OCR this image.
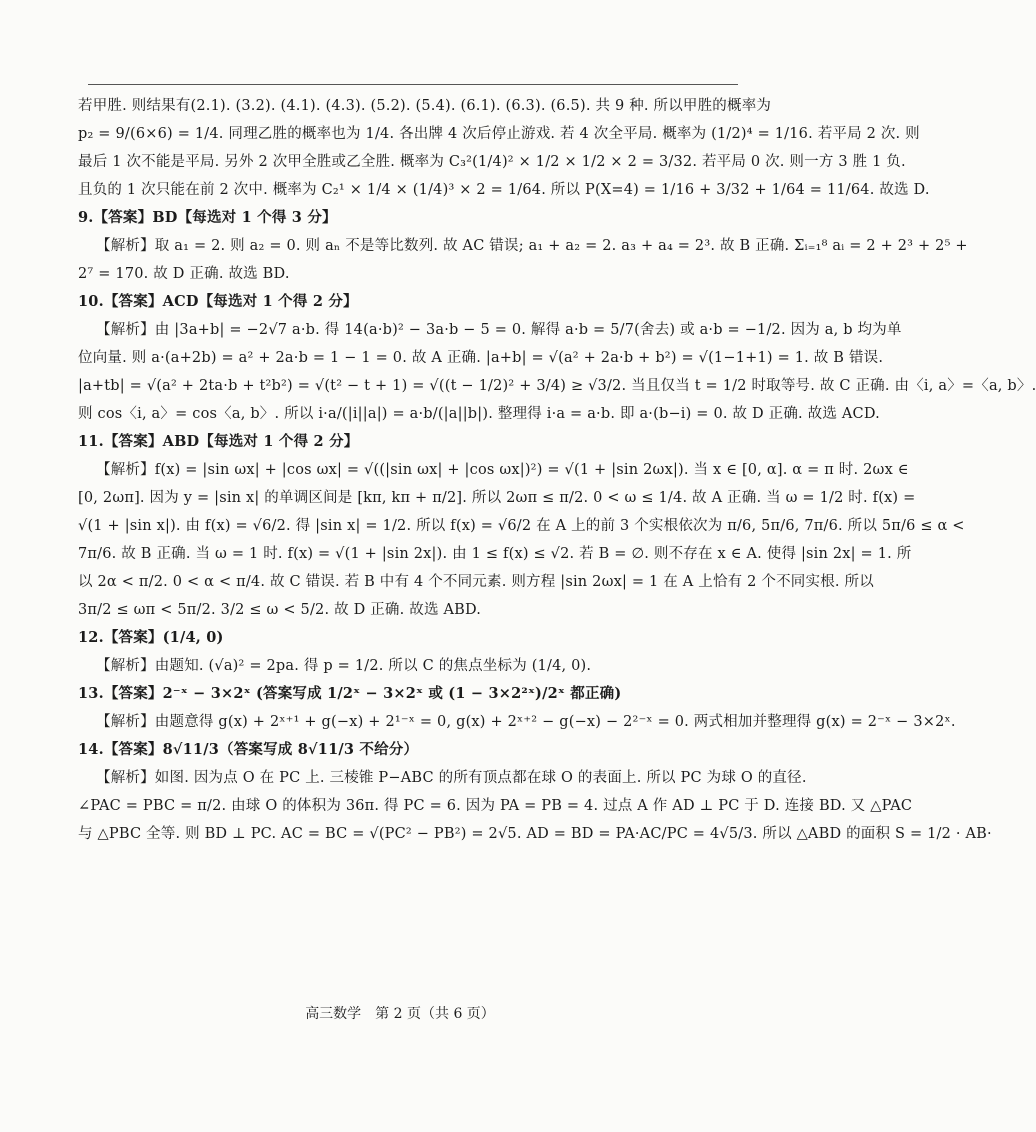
若甲胜. 则结果有(2.1). (3.2). (4.1). (4.3). (5.2). (5.4). (6.1). (6.3). (6.5). 共 9 种. 所以甲胜的概率为
p₂ = 9/(6×6) = 1/4. 同理乙胜的概率也为 1/4. 各出牌 4 次后停止游戏. 若 4 次全平局. 概率为 (1/2)⁴ = 1/16. 若平局 2 次. 则
最后 1 次不能是平局. 另外 2 次甲全胜或乙全胜. 概率为 C₃²(1/4)² × 1/2 × 1/2 × 2 = 3/32. 若平局 0 次. 则一方 3 胜 1 负.
且负的 1 次只能在前 2 次中. 概率为 C₂¹ × 1/4 × (1/4)³ × 2 = 1/64. 所以 P(X=4) = 1/16 + 3/32 + 1/64 = 11/64. 故选 D.
9.【答案】BD【每选对 1 个得 3 分】
【解析】取 a₁ = 2. 则 a₂ = 0. 则 aₙ 不是等比数列. 故 AC 错误; a₁ + a₂ = 2. a₃ + a₄ = 2³. 故 B 正确. Σᵢ₌₁⁸ aᵢ = 2 + 2³ + 2⁵ +
2⁷ = 170. 故 D 正确. 故选 BD.
10.【答案】ACD【每选对 1 个得 2 分】
【解析】由 |3a+b| = −2√7 a·b. 得 14(a·b)² − 3a·b − 5 = 0. 解得 a·b = 5/7(舍去) 或 a·b = −1/2. 因为 a, b 均为单
位向量. 则 a·(a+2b) = a² + 2a·b = 1 − 1 = 0. 故 A 正确. |a+b| = √(a² + 2a·b + b²) = √(1−1+1) = 1. 故 B 错误.
|a+tb| = √(a² + 2ta·b + t²b²) = √(t² − t + 1) = √((t − 1/2)² + 3/4) ≥ √3/2. 当且仅当 t = 1/2 时取等号. 故 C 正确. 由〈i, a〉=〈a, b〉.
则 cos〈i, a〉= cos〈a, b〉. 所以 i·a/(|i||a|) = a·b/(|a||b|). 整理得 i·a = a·b. 即 a·(b−i) = 0. 故 D 正确. 故选 ACD.
11.【答案】ABD【每选对 1 个得 2 分】
【解析】f(x) = |sin ωx| + |cos ωx| = √((|sin ωx| + |cos ωx|)²) = √(1 + |sin 2ωx|). 当 x ∈ [0, α]. α = π 时. 2ωx ∈
[0, 2ωπ]. 因为 y = |sin x| 的单调区间是 [kπ, kπ + π/2]. 所以 2ωπ ≤ π/2. 0 < ω ≤ 1/4. 故 A 正确. 当 ω = 1/2 时. f(x) =
√(1 + |sin x|). 由 f(x) = √6/2. 得 |sin x| = 1/2. 所以 f(x) = √6/2 在 A 上的前 3 个实根依次为 π/6, 5π/6, 7π/6. 所以 5π/6 ≤ α <
7π/6. 故 B 正确. 当 ω = 1 时. f(x) = √(1 + |sin 2x|). 由 1 ≤ f(x) ≤ √2. 若 B = ∅. 则不存在 x ∈ A. 使得 |sin 2x| = 1. 所
以 2α < π/2. 0 < α < π/4. 故 C 错误. 若 B 中有 4 个不同元素. 则方程 |sin 2ωx| = 1 在 A 上恰有 2 个不同实根. 所以
3π/2 ≤ ωπ < 5π/2. 3/2 ≤ ω < 5/2. 故 D 正确. 故选 ABD.
12.【答案】(1/4, 0)
【解析】由题知. (√a)² = 2pa. 得 p = 1/2. 所以 C 的焦点坐标为 (1/4, 0).
13.【答案】2⁻ˣ − 3×2ˣ (答案写成 1/2ˣ − 3×2ˣ 或 (1 − 3×2²ˣ)/2ˣ 都正确)
【解析】由题意得 g(x) + 2ˣ⁺¹ + g(−x) + 2¹⁻ˣ = 0, g(x) + 2ˣ⁺² − g(−x) − 2²⁻ˣ = 0. 两式相加并整理得 g(x) = 2⁻ˣ − 3×2ˣ.
14.【答案】8√11/3（答案写成 8√11/3 不给分）
【解析】如图. 因为点 O 在 PC 上. 三棱锥 P−ABC 的所有顶点都在球 O 的表面上. 所以 PC 为球 O 的直径.
∠PAC = PBC = π/2. 由球 O 的体积为 36π. 得 PC = 6. 因为 PA = PB = 4. 过点 A 作 AD ⊥ PC 于 D. 连接 BD. 又 △PAC
与 △PBC 全等. 则 BD ⊥ PC. AC = BC = √(PC² − PB²) = 2√5. AD = BD = PA·AC/PC = 4√5/3. 所以 △ABD 的面积 S = 1/2 · AB·
高三数学　第 2 页（共 6 页）
